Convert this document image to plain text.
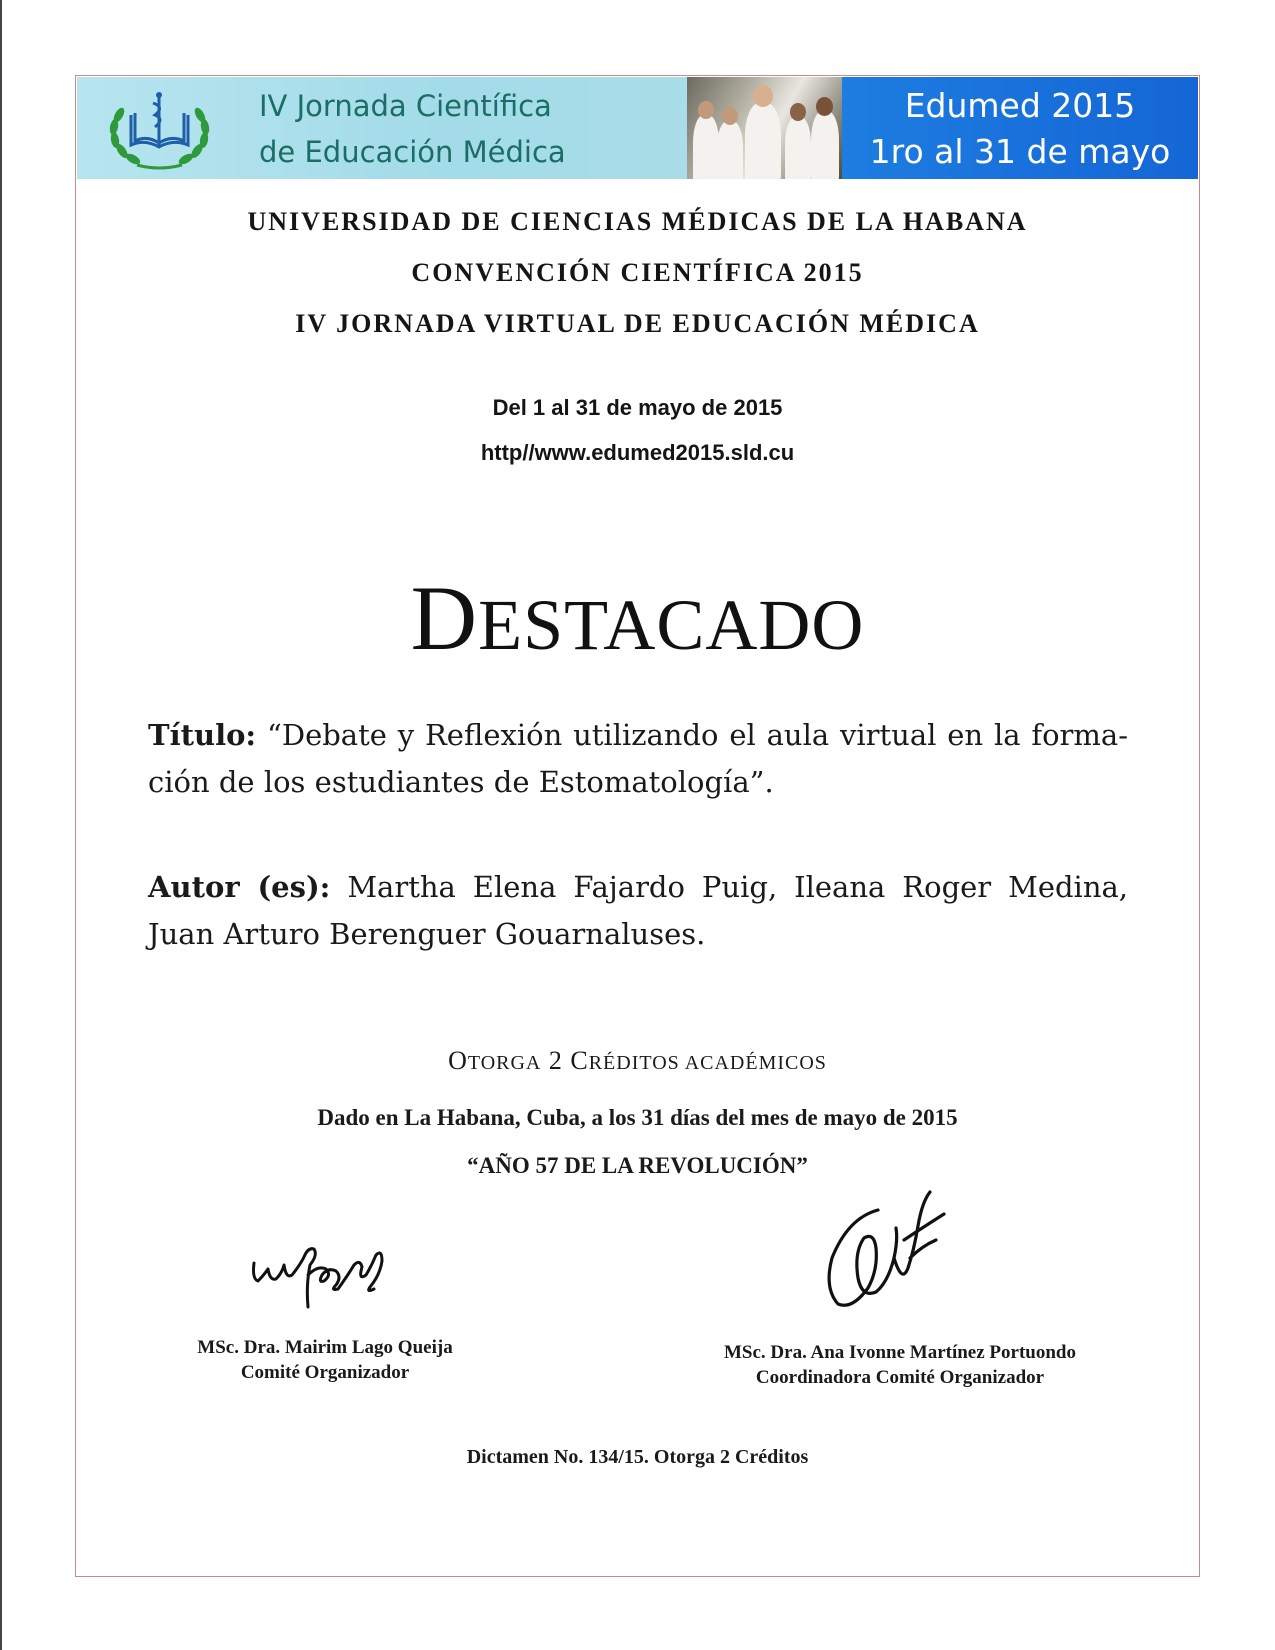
IV Jornada Científica
de Educación Médica
Edumed 2015
1ro al 31 de mayo
UNIVERSIDAD DE CIENCIAS MÉDICAS DE LA HABANA
CONVENCIÓN CIENTÍFICA 2015
IV JORNADA VIRTUAL DE EDUCACIÓN MÉDICA
Del 1 al 31 de mayo de 2015
http//www.edumed2015.sld.cu
DESTACADO
Título: “Debate y Reflexión utilizando el aula virtual en la forma-ción de los estudiantes de Estomatología”.
Autor (es): Martha Elena Fajardo Puig, Ileana Roger Medina, Juan Arturo Berenguer Gouarnaluses.
OTORGA 2 CRÉDITOS ACADÉMICOS
Dado en La Habana, Cuba, a los 31 días del mes de mayo de 2015
“AÑO 57 DE LA REVOLUCIÓN”
MSc. Dra. Mairim Lago Queija
Comité Organizador
MSc. Dra. Ana Ivonne Martínez Portuondo
Coordinadora Comité Organizador
Dictamen No. 134/15. Otorga 2 Créditos
